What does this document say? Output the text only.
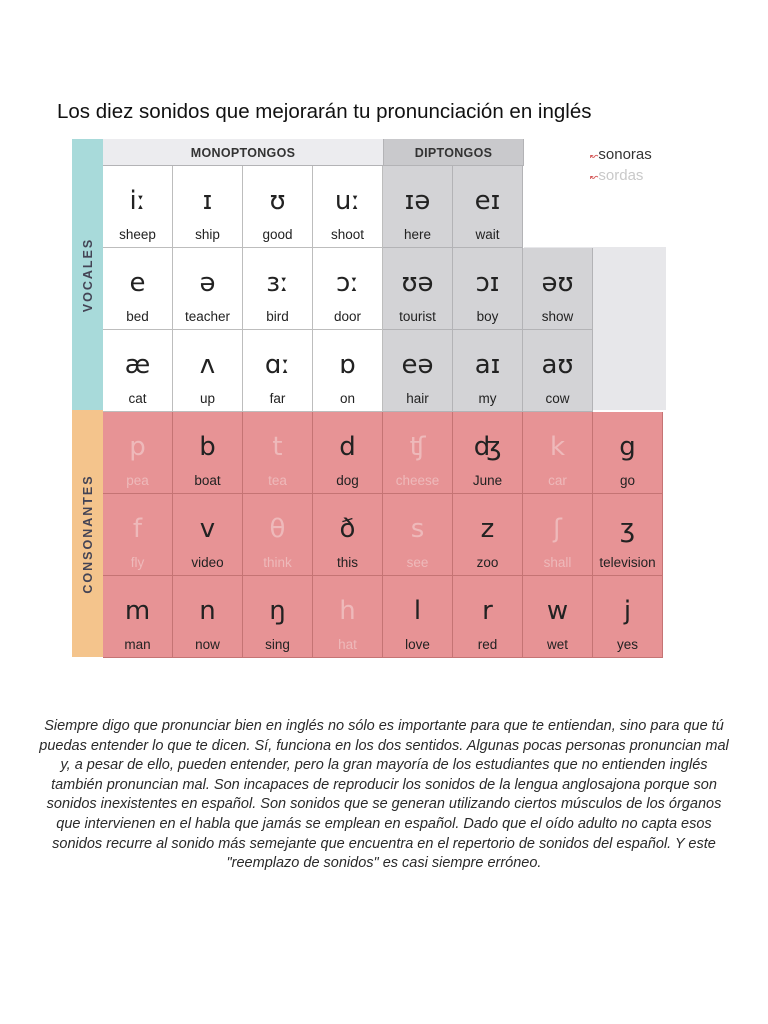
Los diez sonidos que mejorarán tu pronunciación en inglés
VOCALES
CONSONANTES
MONOPTONGOS	DIPTONGOS	↜sonoras
↜sordas
iː
sheep
ɪ
ship
ʊ
good
uː
shoot
ɪə
here
eɪ
wait
e
bed
ə
teacher
ɜː
bird
ɔː
door
ʊə
tourist
ɔɪ
boy
əʊ
show
æ
cat
ʌ
up
ɑː
far
ɒ
on
eə
hair
aɪ
my
aʊ
cow
p
pea
b
boat
t
tea
d
dog
ʧ
cheese
ʤ
June
k
car
g
go
f
fly
v
video
θ
think
ð
this
s
see
z
zoo
ʃ
shall
ʒ
television
m
man
n
now
ŋ
sing
h
hat
l
love
r
red
w
wet
j
yes
Siempre digo que pronunciar bien en inglés no sólo es importante para que te entiendan, sino para que tú puedas entender lo que te dicen. Sí, funciona en los dos sentidos. Algunas pocas personas pronuncian mal y, a pesar de ello, pueden entender, pero la gran mayoría de los estudiantes que no entienden inglés también pronuncian mal. Son incapaces de reproducir los sonidos de la lengua anglosajona porque son sonidos inexistentes en español. Son sonidos que se generan utilizando ciertos músculos de los órganos que intervienen en el habla que jamás se emplean en español. Dado que el oído adulto no capta esos sonidos recurre al sonido más semejante que encuentra en el repertorio de sonidos del español. Y este "reemplazo de sonidos" es casi siempre erróneo.
